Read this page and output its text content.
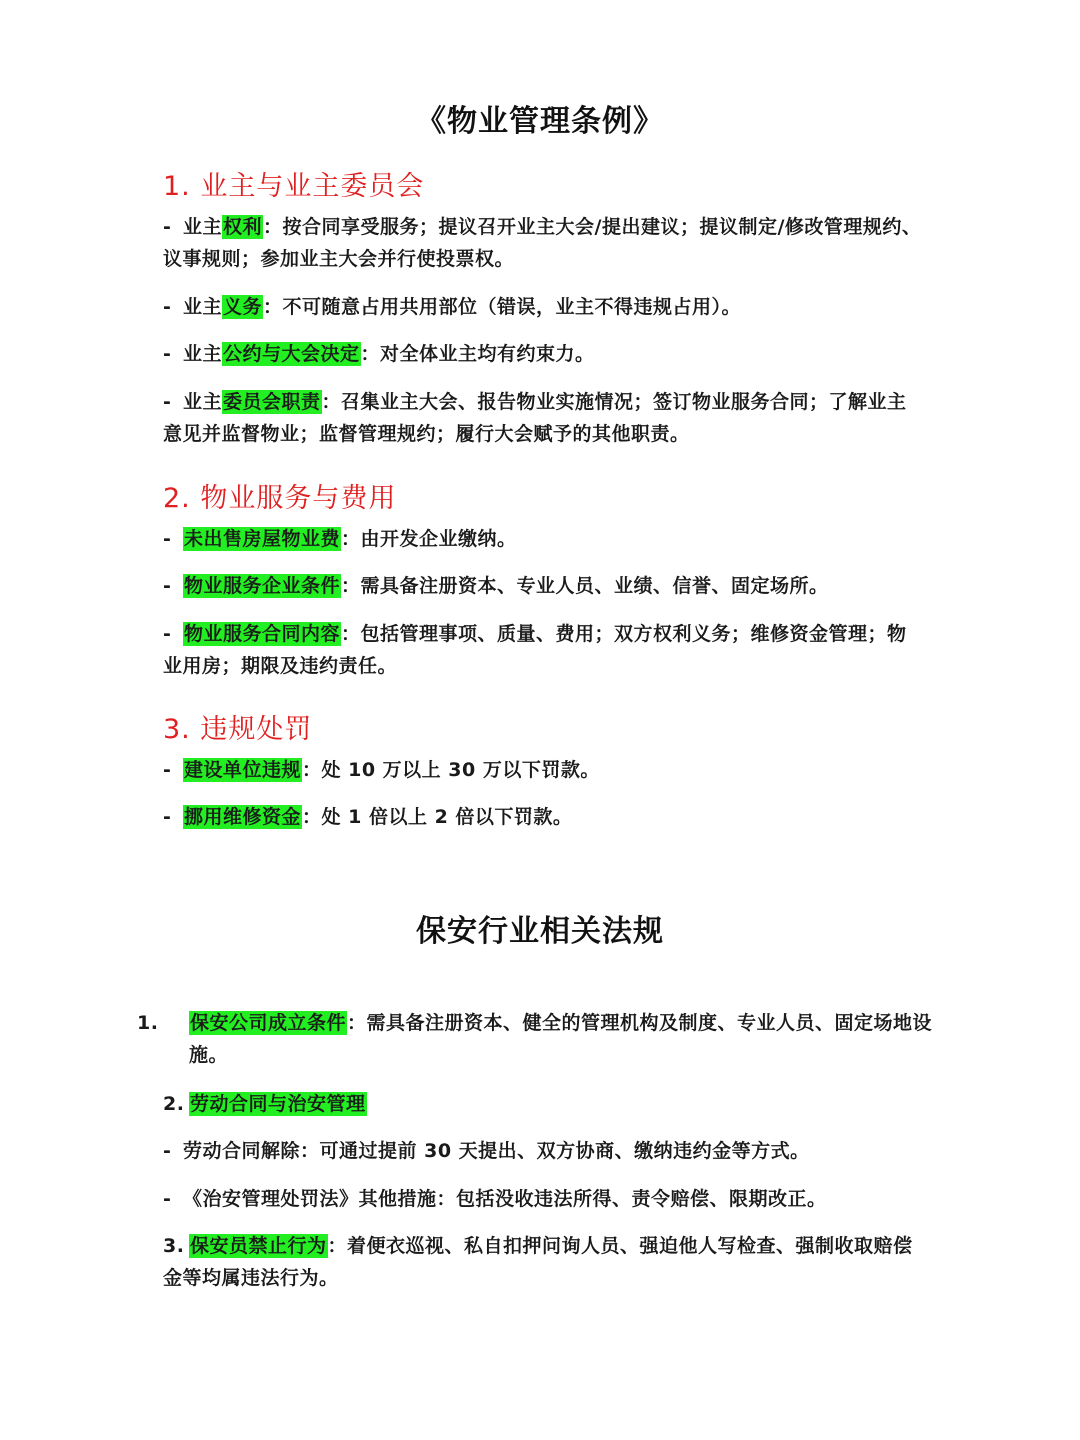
《物业管理条例》
1. 业主与业主委员会

- 业主权利：按合同享受服务；提议召开业主大会/提出建议；提议制定/修改管理规约、议事规则；参加业主大会并行使投票权。

- 业主义务：不可随意占用共用部位（错误，业主不得违规占用）。

- 业主公约与大会决定：对全体业主均有约束力。

- 业主委员会职责：召集业主大会、报告物业实施情况；签订物业服务合同；了解业主意见并监督物业；监督管理规约；履行大会赋予的其他职责。

2. 物业服务与费用

- 未出售房屋物业费：由开发企业缴纳。

- 物业服务企业条件：需具备注册资本、专业人员、业绩、信誉、固定场所。

- 物业服务合同内容：包括管理事项、质量、费用；双方权利义务；维修资金管理；物业用房；期限及违约责任。

3. 违规处罚

- 建设单位违规：处 10 万以上 30 万以下罚款。

- 挪用维修资金：处 1 倍以上 2 倍以下罚款。

保安行业相关法规

1. 保安公司成立条件：需具备注册资本、健全的管理机构及制度、专业人员、固定场地设施。

2. 劳动合同与治安管理

- 劳动合同解除：可通过提前 30 天提出、双方协商、缴纳违约金等方式。

- 《治安管理处罚法》其他措施：包括没收违法所得、责令赔偿、限期改正。

3. 保安员禁止行为：着便衣巡视、私自扣押问询人员、强迫他人写检查、强制收取赔偿金等均属违法行为。
